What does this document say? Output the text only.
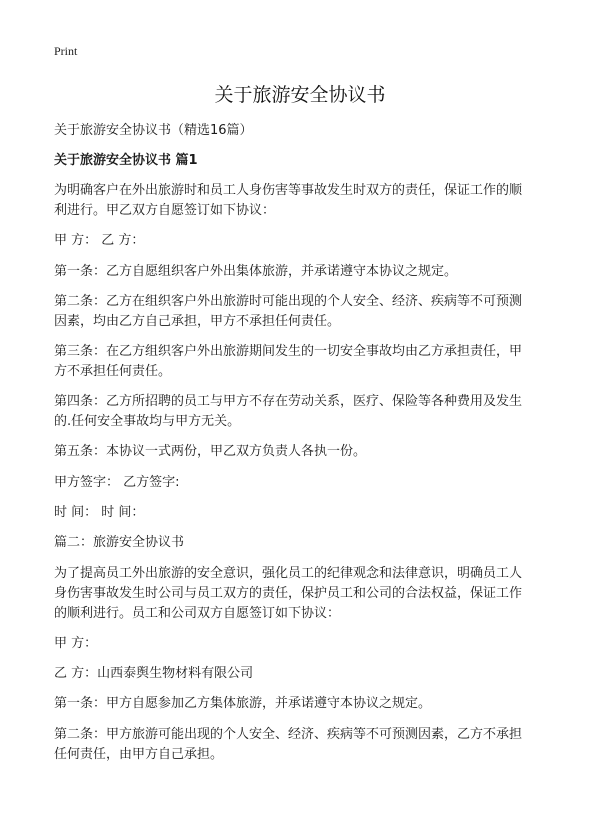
Print
关于旅游安全协议书
关于旅游安全协议书（精选16篇）
关于旅游安全协议书 篇1
为明确客户在外出旅游时和员工人身伤害等事故发生时双方的责任，保证工作的顺
利进行。甲乙双方自愿签订如下协议：
甲 方： 乙 方：
第一条：乙方自愿组织客户外出集体旅游，并承诺遵守本协议之规定。
第二条：乙方在组织客户外出旅游时可能出现的个人安全、经济、疾病等不可预测
因素，均由乙方自己承担，甲方不承担任何责任。
第三条：在乙方组织客户外出旅游期间发生的一切安全事故均由乙方承担责任，甲
方不承担任何责任。
第四条：乙方所招聘的员工与甲方不存在劳动关系，医疗、保险等各种费用及发生
的.任何安全事故均与甲方无关。
第五条：本协议一式两份，甲乙双方负责人各执一份。
甲方签字： 乙方签字:
时 间： 时 间：
篇二：旅游安全协议书
为了提高员工外出旅游的安全意识，强化员工的纪律观念和法律意识，明确员工人
身伤害事故发生时公司与员工双方的责任，保护员工和公司的合法权益，保证工作
的顺利进行。员工和公司双方自愿签订如下协议：
甲 方：
乙 方：山西泰舆生物材料有限公司
第一条：甲方自愿参加乙方集体旅游，并承诺遵守本协议之规定。
第二条：甲方旅游可能出现的个人安全、经济、疾病等不可预测因素，乙方不承担
任何责任，由甲方自己承担。
